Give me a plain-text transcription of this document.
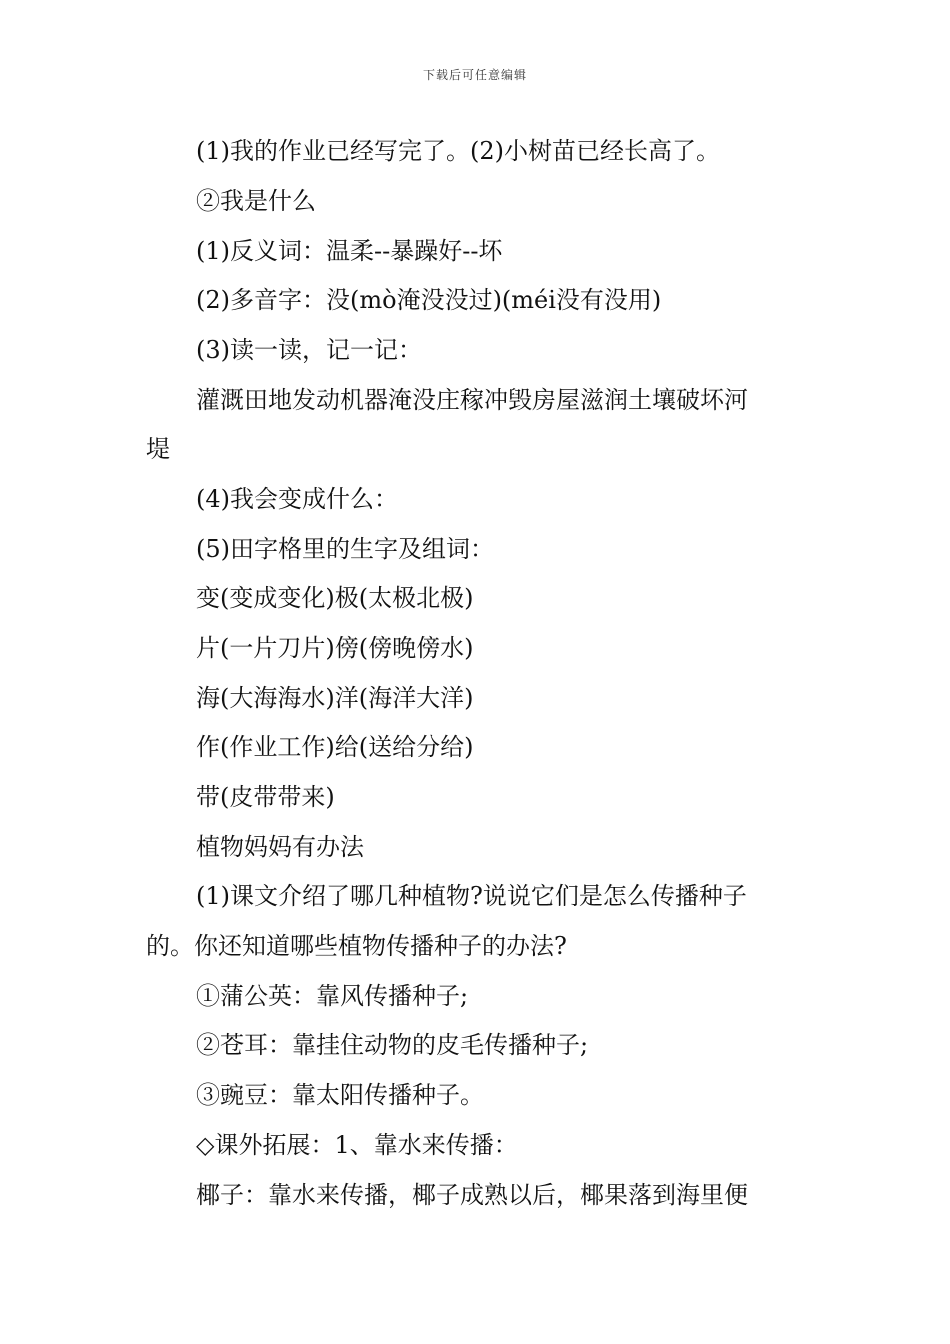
下载后可任意编辑
(1)我的作业已经写完了。(2)小树苗已经长高了。
②我是什么
(1)反义词：温柔--暴躁好--坏
(2)多音字：没(mò淹没没过)(méi没有没用)
(3)读一读，记一记：
灌溉田地发动机器淹没庄稼冲毁房屋滋润土壤破坏河
堤
(4)我会变成什么：
(5)田字格里的生字及组词：
变(变成变化)极(太极北极)
片(一片刀片)傍(傍晚傍水)
海(大海海水)洋(海洋大洋)
作(作业工作)给(送给分给)
带(皮带带来)
植物妈妈有办法
(1)课文介绍了哪几种植物?说说它们是怎么传播种子
的。你还知道哪些植物传播种子的办法?
①蒲公英：靠风传播种子;
②苍耳：靠挂住动物的皮毛传播种子;
③豌豆：靠太阳传播种子。
◇课外拓展：1、靠水来传播：
椰子：靠水来传播，椰子成熟以后，椰果落到海里便
